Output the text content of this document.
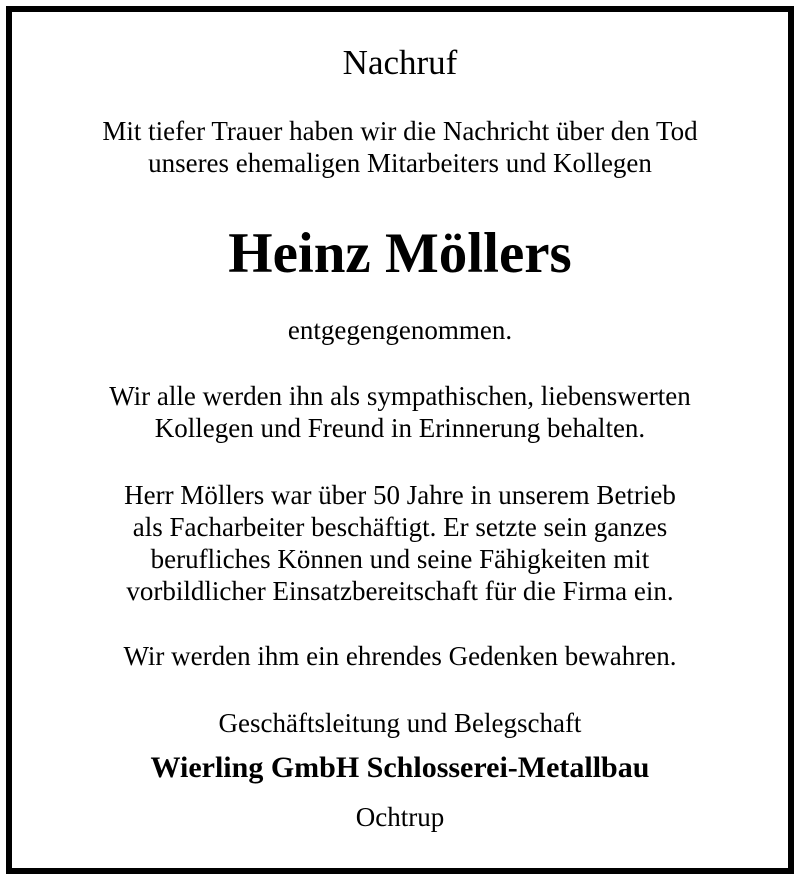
Nachruf

Mit tiefer Trauer haben wir die Nachricht über den Tod

unseres ehemaligen Mitarbeiters und Kollegen

Heinz Möllers

entgegengenommen.

Wir alle werden ihn als sympathischen, liebenswerten

Kollegen und Freund in Erinnerung behalten.

Herr Möllers war über 50 Jahre in unserem Betrieb

als Facharbeiter beschäftigt. Er setzte sein ganzes

berufliches Können und seine Fähigkeiten mit

vorbildlicher Einsatzbereitschaft für die Firma ein.

Wir werden ihm ein ehrendes Gedenken bewahren.

Geschäftsleitung und Belegschaft

Wierling GmbH Schlosserei-Metallbau

Ochtrup
